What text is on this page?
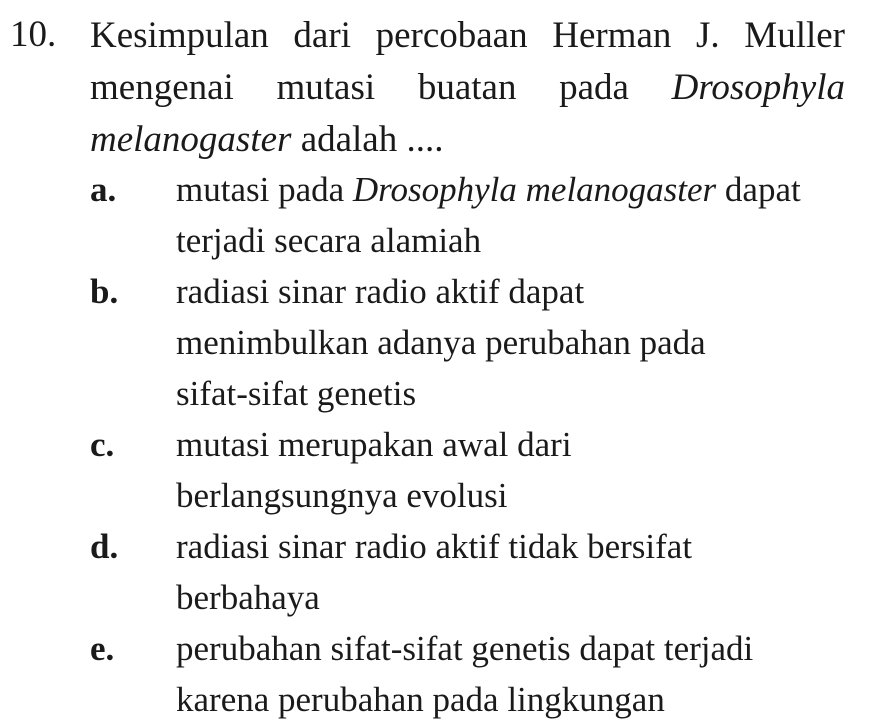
10. Kesimpulan dari percobaan Herman J. Muller
mengenai mutasi buatan pada Drosophyla
melanogaster adalah ....
a.	mutasi pada Drosophyla melanogaster dapat
terjadi secara alamiah
b.	radiasi sinar radio aktif dapat
menimbulkan adanya perubahan pada
sifat-sifat genetis
c.	mutasi merupakan awal dari
berlangsungnya evolusi
d.	radiasi sinar radio aktif tidak bersifat
berbahaya
e.	perubahan sifat-sifat genetis dapat terjadi
karena perubahan pada lingkungan
